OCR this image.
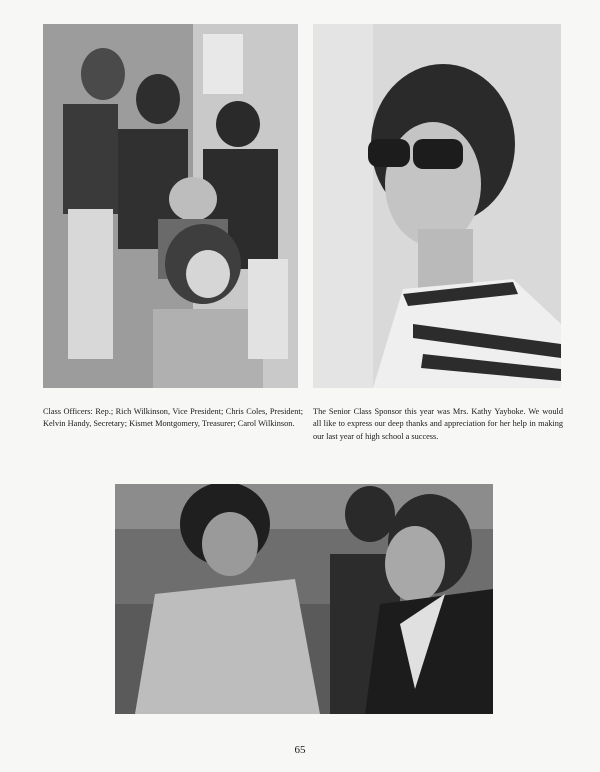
Class Officers: Rep.; Rich Wilkinson, Vice President; Chris Coles, President; Kelvin Handy, Secretary; Kismet Montgomery, Treasurer; Carol Wilkinson.

The Senior Class Sponsor this year was Mrs. Kathy Yayboke. We would all like to express our deep thanks and appreciation for her help in making our last year of high school a success.

65
